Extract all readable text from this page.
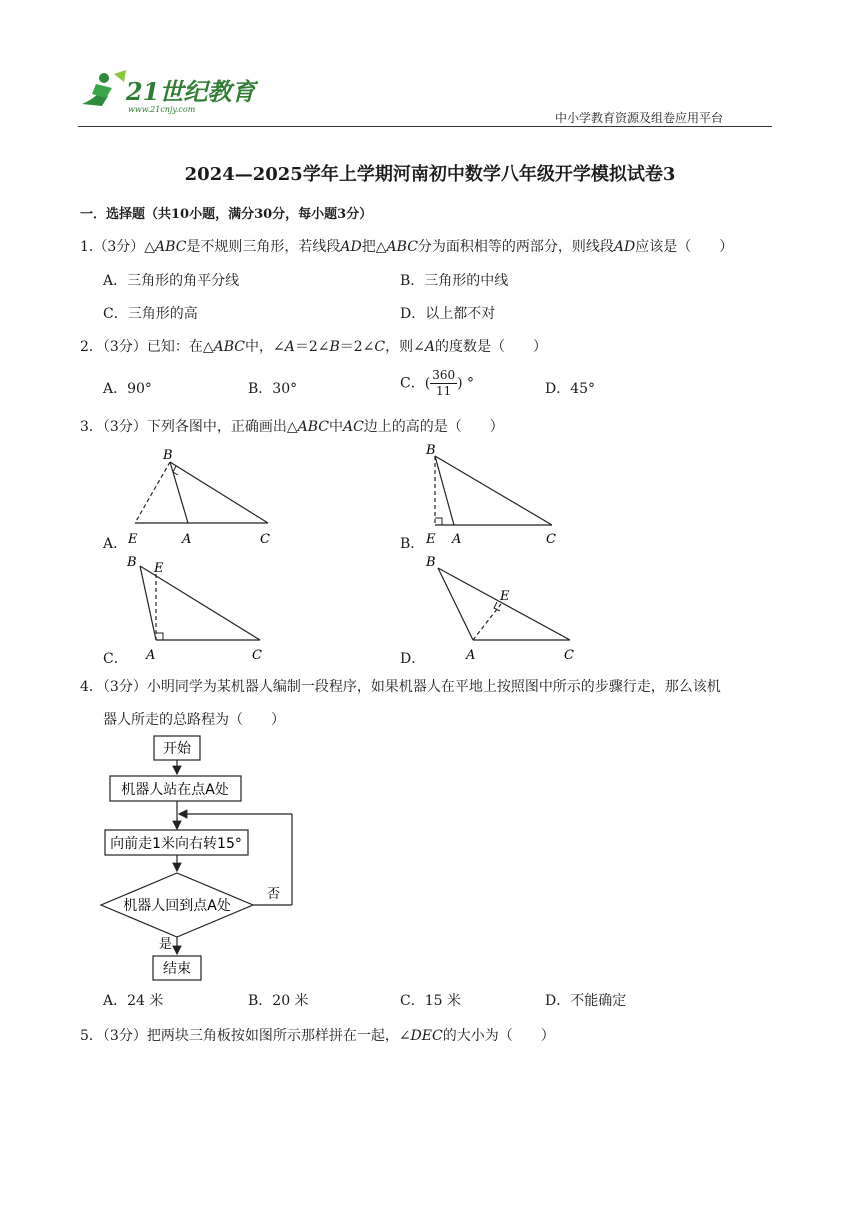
21世纪教育
www.21cnjy.com
中小学教育资源及组卷应用平台
2024—2025学年上学期河南初中数学八年级开学模拟试卷3
一．选择题（共10小题，满分30分，每小题3分）
1.（3分）△ABC是不规则三角形，若线段AD把△ABC分为面积相等的两部分，则线段AD应该是（　　）
A．三角形的角平分线	B．三角形的中线
C．三角形的高	D．以上都不对
2．（3分）已知：在△ABC中，∠A＝2∠B＝2∠C，则∠A的度数是（　　）
A．90°	B．30°	C．( $\frac{360}{11}$ ) °	D．45°
3．（3分）下列各图中，正确画出△ABC中AC边上的高的是（　　）
A．	B．
C．	D．
B
E	A	C
B
E A	C
B E
A	C
B
E
A	C
4．（3分）小明同学为某机器人编制一段程序，如果机器人在平地上按照图中所示的步骤行走，那么该机
器人所走的总路程为（　　）
开始
机器人站在点A处
向前走1米向右转15°
机器人回到点A处
否
是
结束
A．24 米	B．20 米	C．15 米	D．不能确定
5．（3分）把两块三角板按如图所示那样拼在一起，∠DEC的大小为（　　）
